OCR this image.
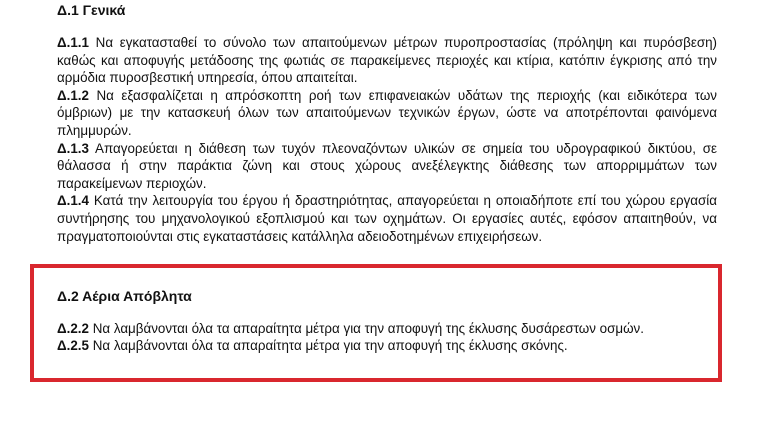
Δ.1 Γενικά

Δ.1.1 Να εγκατασταθεί το σύνολο των απαιτούμενων μέτρων πυροπροστασίας (πρόληψη και πυρόσβεση) καθώς και αποφυγής μετάδοσης της φωτιάς σε παρακείμενες περιοχές και κτίρια, κατόπιν έγκρισης από την αρμόδια πυροσβεστική υπηρεσία, όπου απαιτείται.

Δ.1.2 Να εξασφαλίζεται η απρόσκοπτη ροή των επιφανειακών υδάτων της περιοχής (και ειδικότερα των όμβριων) με την κατασκευή όλων των απαιτούμενων τεχνικών έργων, ώστε να αποτρέπονται φαινόμενα πλημμυρών.

Δ.1.3 Απαγορεύεται η διάθεση των τυχόν πλεοναζόντων υλικών σε σημεία του υδρογραφικού δικτύου, σε θάλασσα ή στην παράκτια ζώνη και στους χώρους ανεξέλεγκτης διάθεσης των απορριμμάτων των παρακείμενων περιοχών.

Δ.1.4 Κατά την λειτουργία του έργου ή δραστηριότητας, απαγορεύεται η οποιαδήποτε επί του χώρου εργασία συντήρησης του μηχανολογικού εξοπλισμού και των οχημάτων. Οι εργασίες αυτές, εφόσον απαιτηθούν, να πραγματοποιούνται στις εγκαταστάσεις κατάλληλα αδειοδοτημένων επιχειρήσεων.

Δ.2 Αέρια Απόβλητα

Δ.2.2 Να λαμβάνονται όλα τα απαραίτητα μέτρα για την αποφυγή της έκλυσης δυσάρεστων οσμών.

Δ.2.5 Να λαμβάνονται όλα τα απαραίτητα μέτρα για την αποφυγή της έκλυσης σκόνης.
